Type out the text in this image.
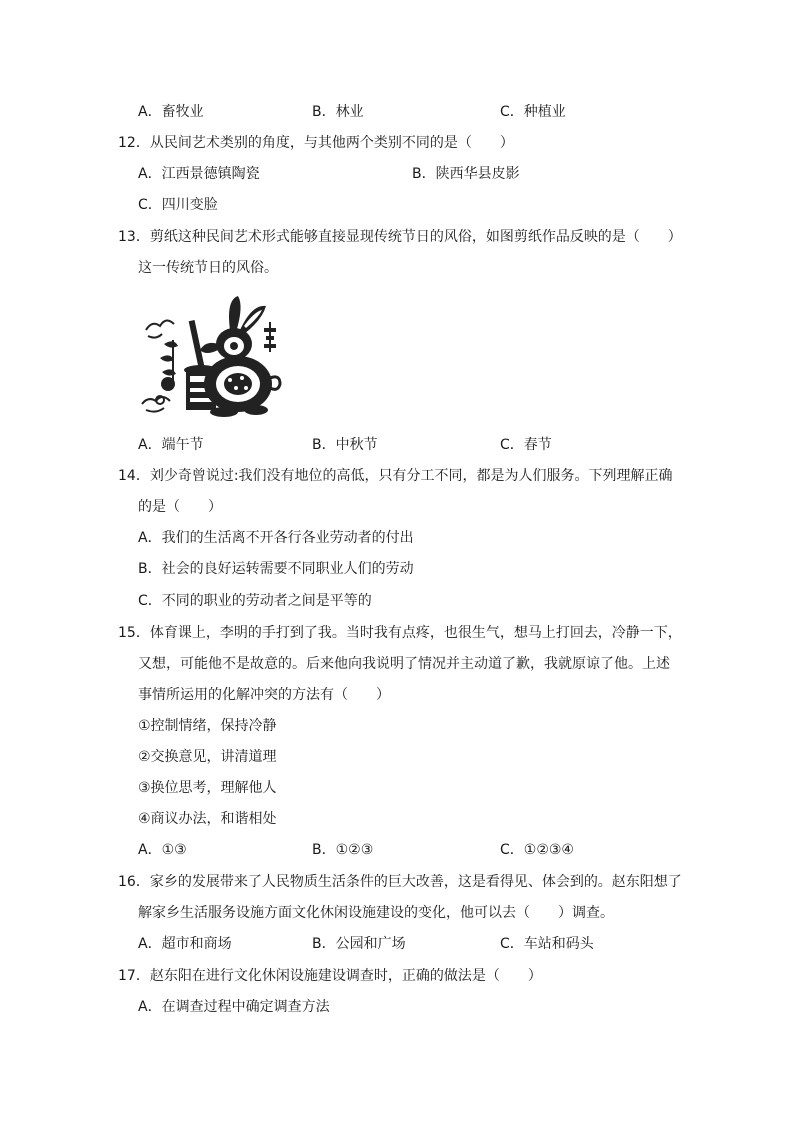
A．畜牧业	B．林业	C．种植业
12．从民间艺术类别的角度，与其他两个类别不同的是（　　）
A．江西景德镇陶瓷	B．陕西华县皮影
C．四川变脸
13．剪纸这种民间艺术形式能够直接显现传统节日的风俗，如图剪纸作品反映的是（　　）
这一传统节日的风俗。
A．端午节	B．中秋节	C．春节
14．刘少奇曾说过:我们没有地位的高低，只有分工不同，都是为人们服务。下列理解正确
的是（　　）
A．我们的生活离不开各行各业劳动者的付出
B．社会的良好运转需要不同职业人们的劳动
C．不同的职业的劳动者之间是平等的
15．体育课上，李明的手打到了我。当时我有点疼，也很生气，想马上打回去，冷静一下，
又想，可能他不是故意的。后来他向我说明了情况并主动道了歉，我就原谅了他。上述
事情所运用的化解冲突的方法有（　　）
①控制情绪，保持冷静
②交换意见，讲清道理
③换位思考，理解他人
④商议办法，和谐相处
A．①③	B．①②③	C．①②③④
16．家乡的发展带来了人民物质生活条件的巨大改善，这是看得见、体会到的。赵东阳想了
解家乡生活服务设施方面文化休闲设施建设的变化，他可以去（　　）调查。
A．超市和商场	B．公园和广场	C．车站和码头
17．赵东阳在进行文化休闲设施建设调查时，正确的做法是（　　）
A．在调查过程中确定调查方法
